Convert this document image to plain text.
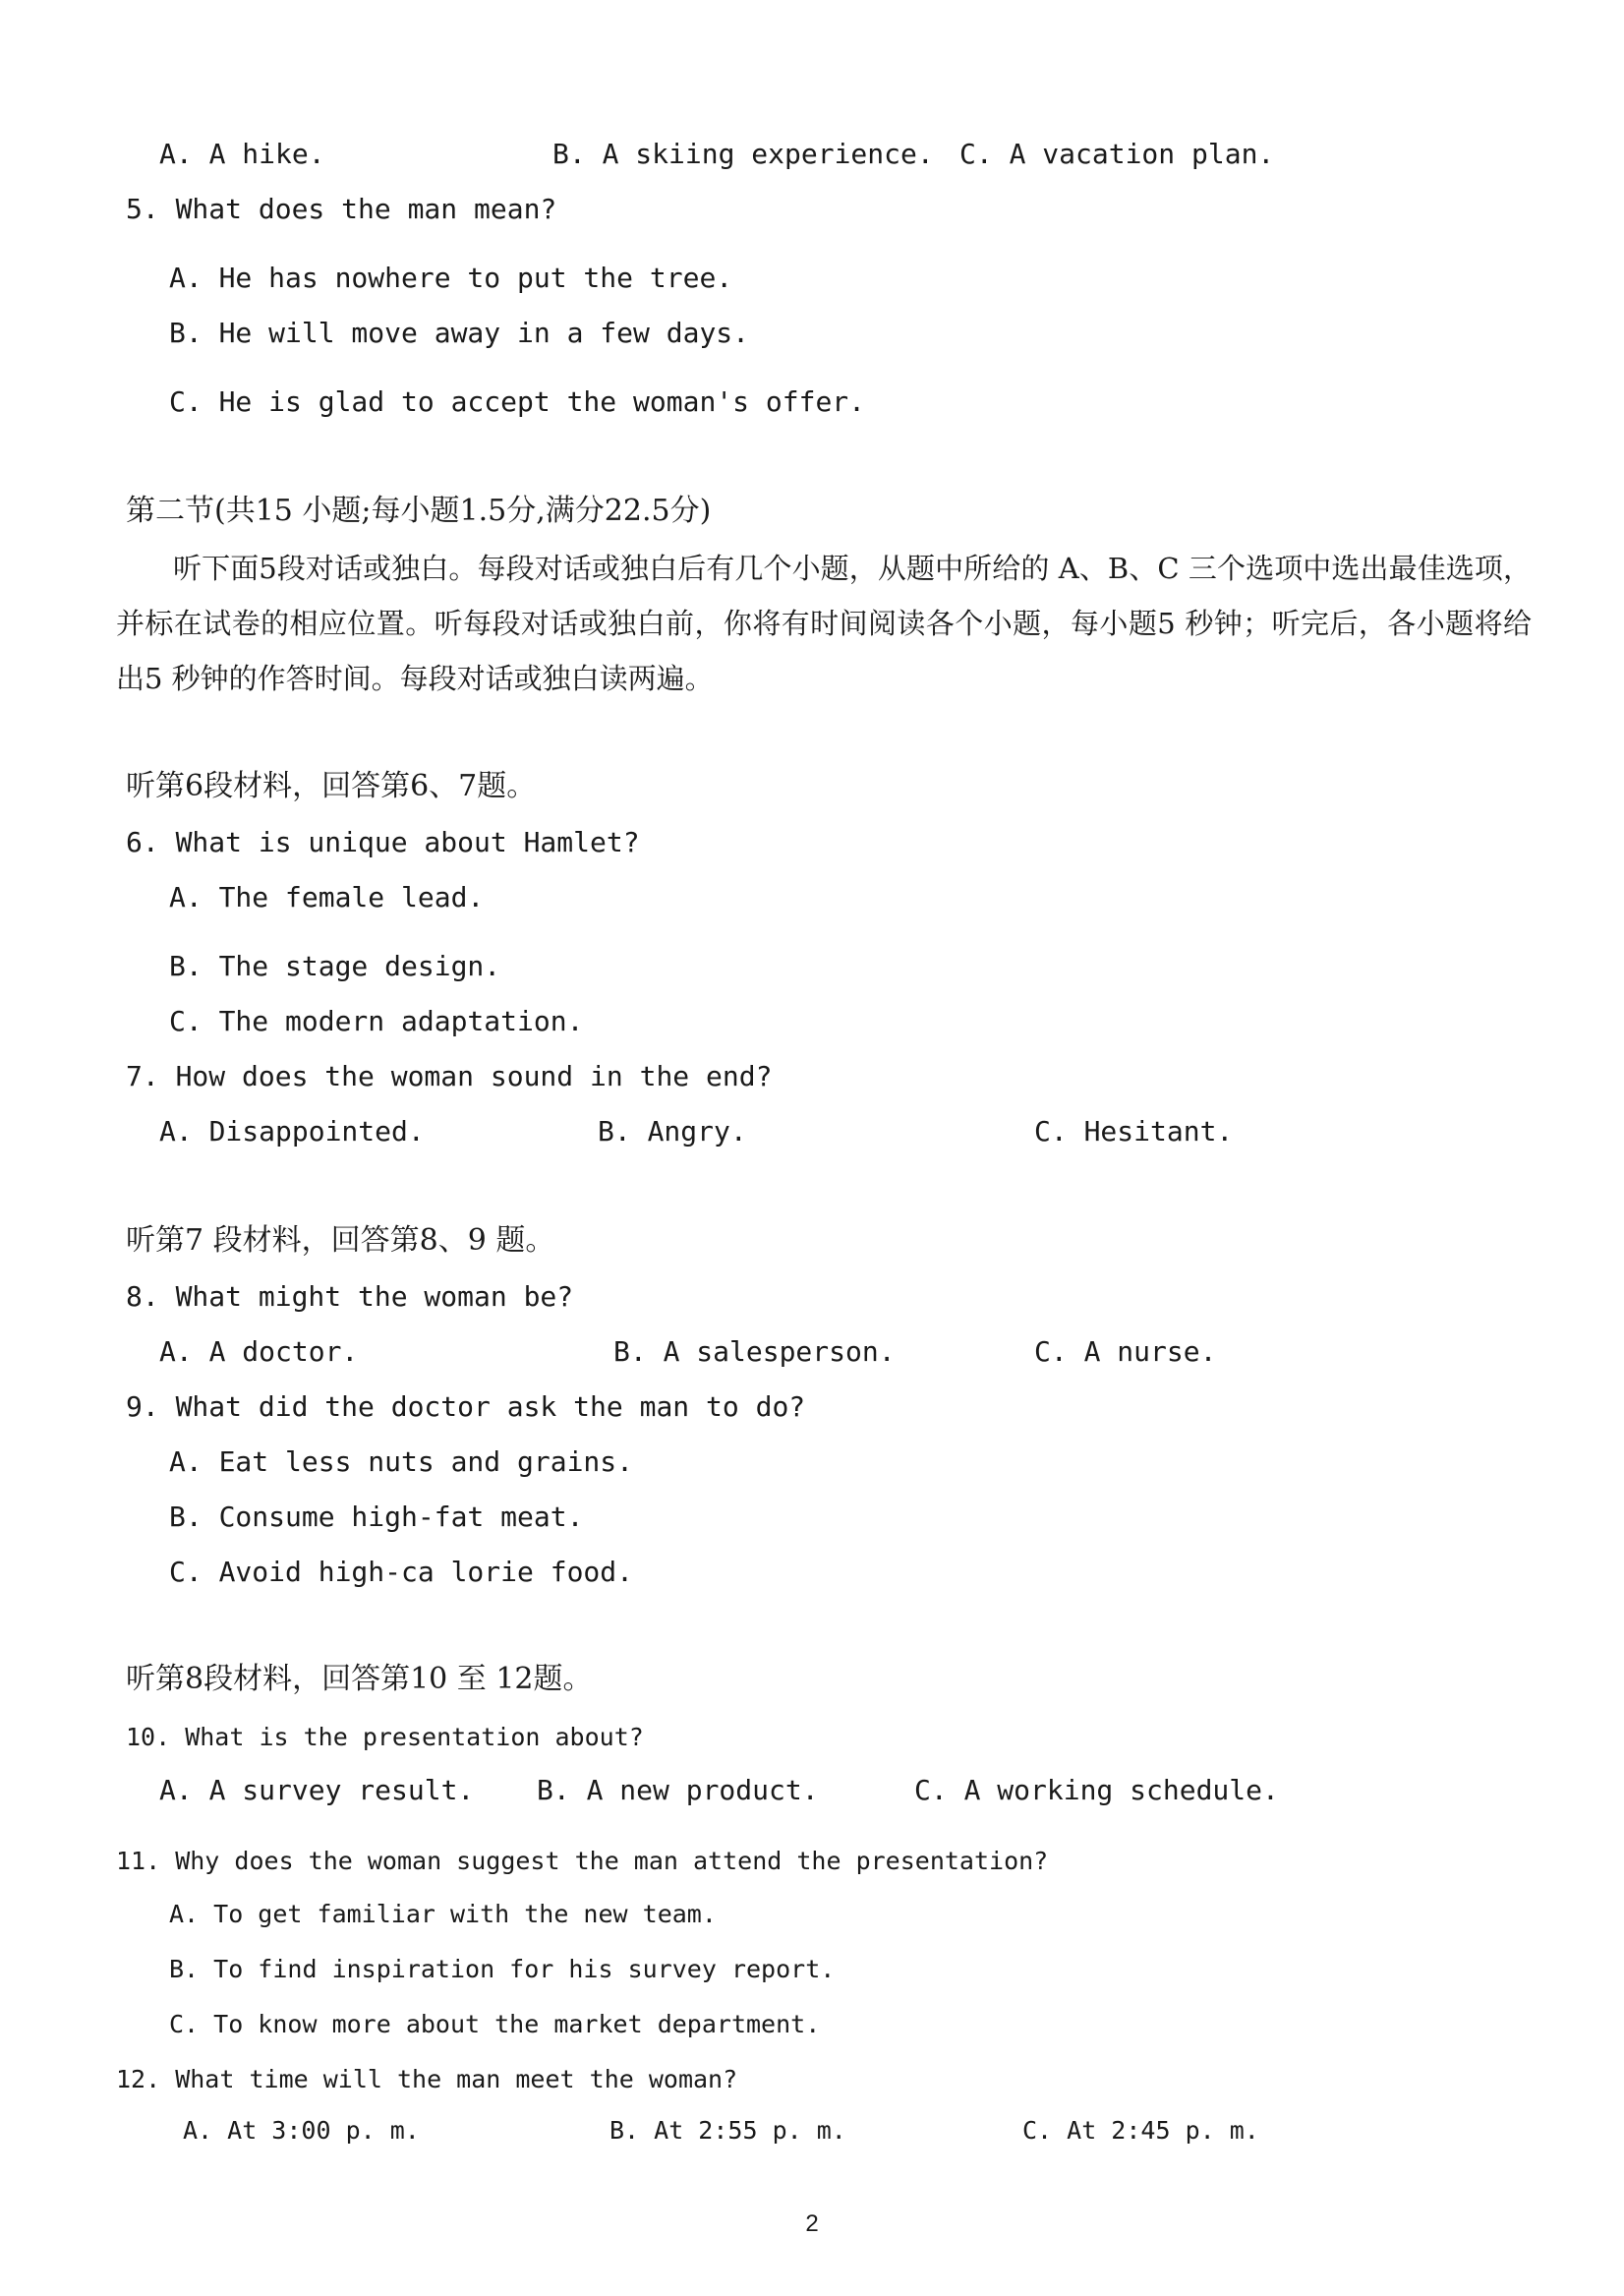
A. A hike.	B. A skiing experience. C. A vacation plan.
5. What does the man mean?
A. He has nowhere to put the tree.
B. He will move away in a few days.
C. He is glad to accept the woman's offer.
第二节(共15 小题;每小题1.5分,满分22.5分)
听下面5段对话或独白。每段对话或独白后有几个小题，从题中所给的 A、B、C 三个选项中选出最佳选项，并标在试卷的相应位置。听每段对话或独白前，你将有时间阅读各个小题，每小题5 秒钟；听完后，各小题将给出5 秒钟的作答时间。每段对话或独白读两遍。
听第6段材料，回答第6、7题。
6. What is unique about Hamlet?
A. The female lead.
B. The stage design.
C. The modern adaptation.
7. How does the woman sound in the end?
A. Disappointed.	B. Angry.	C. Hesitant.
听第7 段材料，回答第8、9 题。
8. What might the woman be?
A. A doctor.	B. A salesperson.	C. A nurse.
9. What did the doctor ask the man to do?
A. Eat less nuts and grains.
B. Consume high-fat meat.
C. Avoid high-ca lorie food.
听第8段材料，回答第10 至 12题。
10. What is the presentation about?
A. A survey result. B. A new product.	C. A working schedule.
11. Why does the woman suggest the man attend the presentation?
A. To get familiar with the new team.
B. To find inspiration for his survey report.
C. To know more about the market department.
12. What time will the man meet the woman?
A. At 3:00 p. m.	B. At 2:55 p. m.	C. At 2:45 p. m.
2
